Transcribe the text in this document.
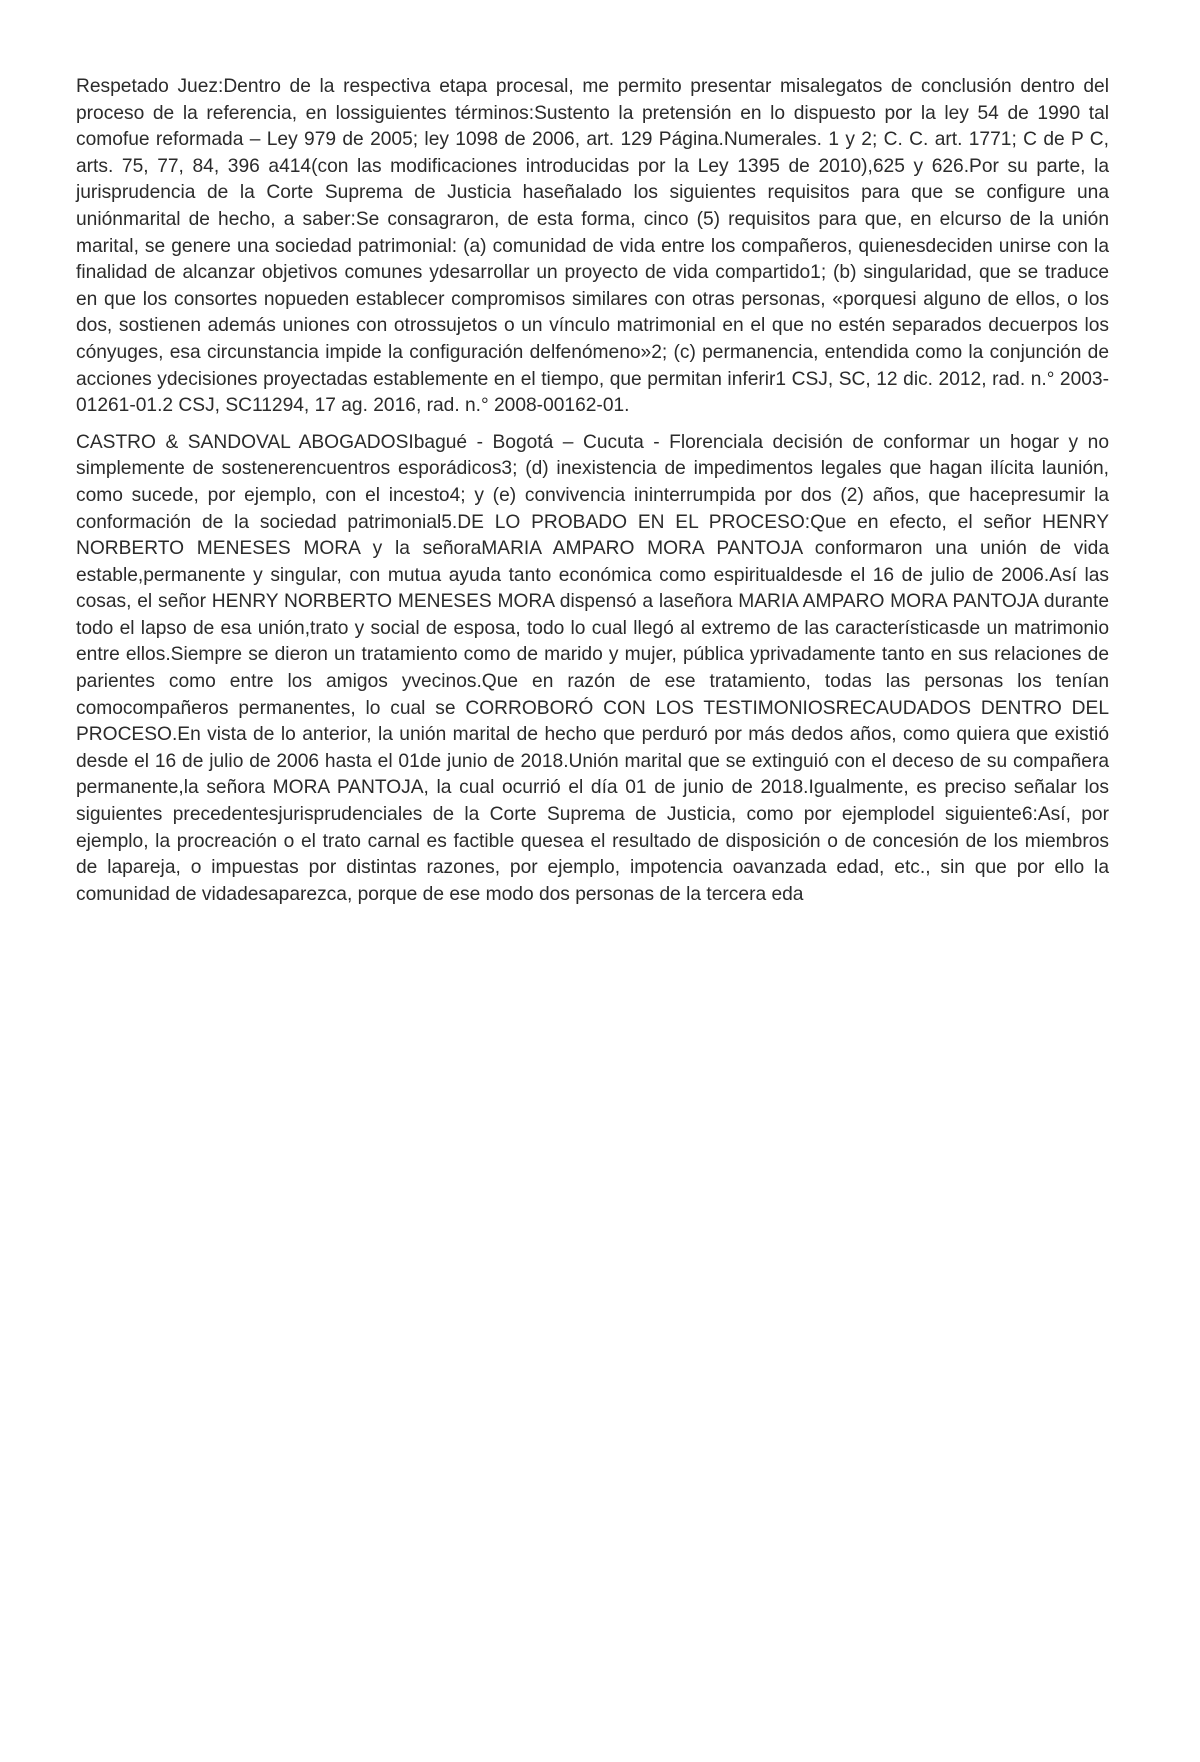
Respetado Juez:Dentro de la respectiva etapa procesal, me permito presentar misalegatos de conclusión dentro del proceso de la referencia, en lossiguientes términos:Sustento la pretensión en lo dispuesto por la ley 54 de 1990 tal comofue reformada – Ley 979 de 2005; ley 1098 de 2006, art. 129 Página.Numerales. 1 y 2; C. C. art. 1771; C de P C, arts. 75, 77, 84, 396 a414(con las modificaciones introducidas por la Ley 1395 de 2010),625 y 626.Por su parte, la jurisprudencia de la Corte Suprema de Justicia haseñalado los siguientes requisitos para que se configure una uniónmarital de hecho, a saber:Se consagraron, de esta forma, cinco (5) requisitos para que, en elcurso de la unión marital, se genere una sociedad patrimonial: (a) comunidad de vida entre los compañeros, quienesdeciden unirse con la finalidad de alcanzar objetivos comunes ydesarrollar un proyecto de vida compartido1; (b) singularidad, que se traduce en que los consortes nopueden establecer compromisos similares con otras personas, «porquesi alguno de ellos, o los dos, sostienen además uniones con otrossujetos o un vínculo matrimonial en el que no estén separados decuerpos los cónyuges, esa circunstancia impide la configuración delfenómeno»2; (c) permanencia, entendida como la conjunción de acciones ydecisiones proyectadas establemente en el tiempo, que permitan inferir1 CSJ, SC, 12 dic. 2012, rad. n.° 2003-01261-01.2 CSJ, SC11294, 17 ag. 2016, rad. n.° 2008-00162-01.

CASTRO & SANDOVAL ABOGADOSIbagué - Bogotá – Cucuta - Florencialа decisión de conformar un hogar y no simplemente de sostenerencuentros esporádicos3; (d) inexistencia de impedimentos legales que hagan ilícita launión, como sucede, por ejemplo, con el incesto4; y (e) convivencia ininterrumpida por dos (2) años, que hacepresumir la conformación de la sociedad patrimonial5.DE LO PROBADO EN EL PROCESO:Que en efecto, el señor HENRY NORBERTO MENESES MORA y la señoraMARIA AMPARO MORA PANTOJA conformaron una unión de vida estable,permanente y singular, con mutua ayuda tanto económica como espiritualdesde el 16 de julio de 2006.Así las cosas, el señor HENRY NORBERTO MENESES MORA dispensó a laseñora MARIA AMPARO MORA PANTOJA durante todo el lapso de esa unión,trato y social de esposa, todo lo cual llegó al extremo de las característicasde un matrimonio entre ellos.Siempre se dieron un tratamiento como de marido y mujer, pública yprivadamente tanto en sus relaciones de parientes como entre los amigos yvecinos.Que en razón de ese tratamiento, todas las personas los tenían comocompañeros permanentes, lo cual se CORROBORÓ CON LOS TESTIMONIOSRECAUDADOS DENTRO DEL PROCESO.En vista de lo anterior, la unión marital de hecho que perduró por más dedos años, como quiera que existió desde el 16 de julio de 2006 hasta el 01de junio de 2018.Unión marital que se extinguió con el deceso de su compañera permanente,la señora MORA PANTOJA, la cual ocurrió el día 01 de junio de 2018.Igualmente, es preciso señalar los siguientes precedentesjurisprudenciales de la Corte Suprema de Justicia, como por ejemplodel siguiente6:Así, por ejemplo, la procreación o el trato carnal es factible quesea el resultado de disposición o de concesión de los miembros de lapareja, o impuestas por distintas razones, por ejemplo, impotencia oavanzada edad, etc., sin que por ello la comunidad de vidadesaparezca, porque de ese modo dos personas de la tercera eda
